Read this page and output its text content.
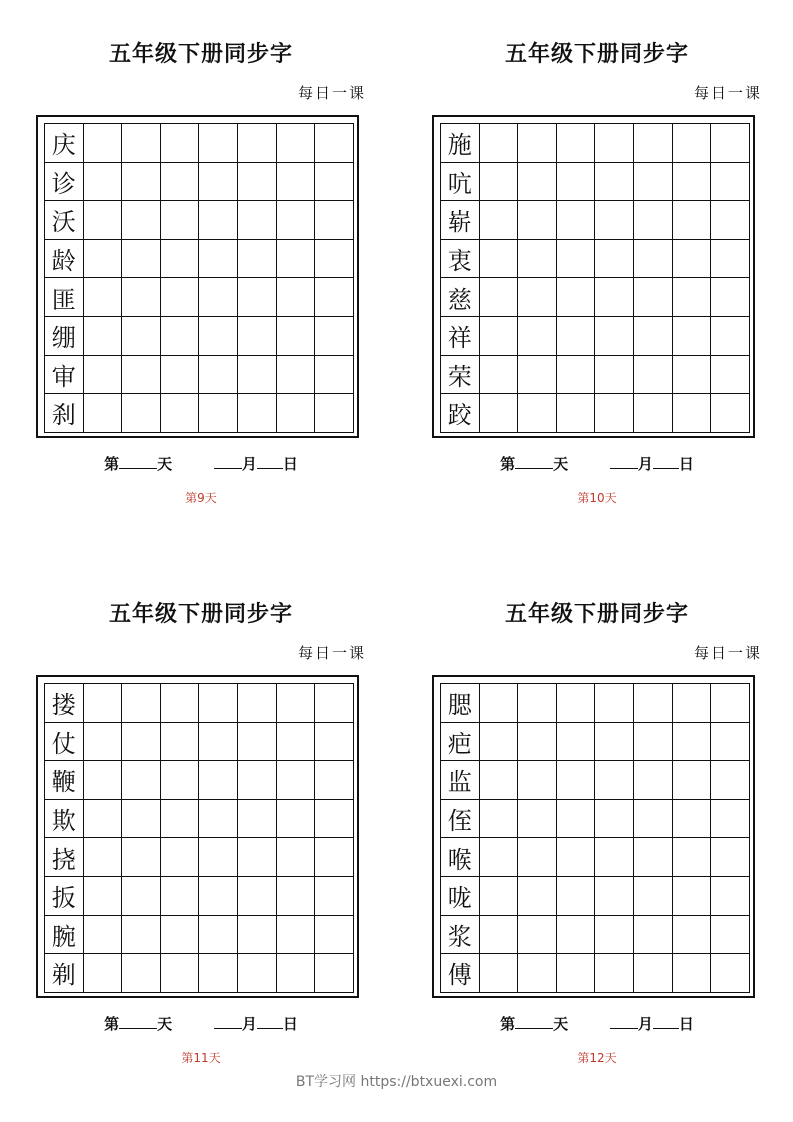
五年级下册同步字
每日一课
庆
诊
沃
龄
匪
绷
审
刹
第	天	月 日
第9天
五年级下册同步字
每日一课
施
吭
崭
衷
慈
祥
荣
跤
第	天	月 日
第10天
五年级下册同步字
每日一课
搂
仗
鞭
欺
挠
扳
腕
剃
第	天	月 日
第11天
五年级下册同步字
每日一课
腮
疤
监
侄
喉
咙
浆
傅
第	天	月 日
第12天
BT学习网 https://btxuexi.com
